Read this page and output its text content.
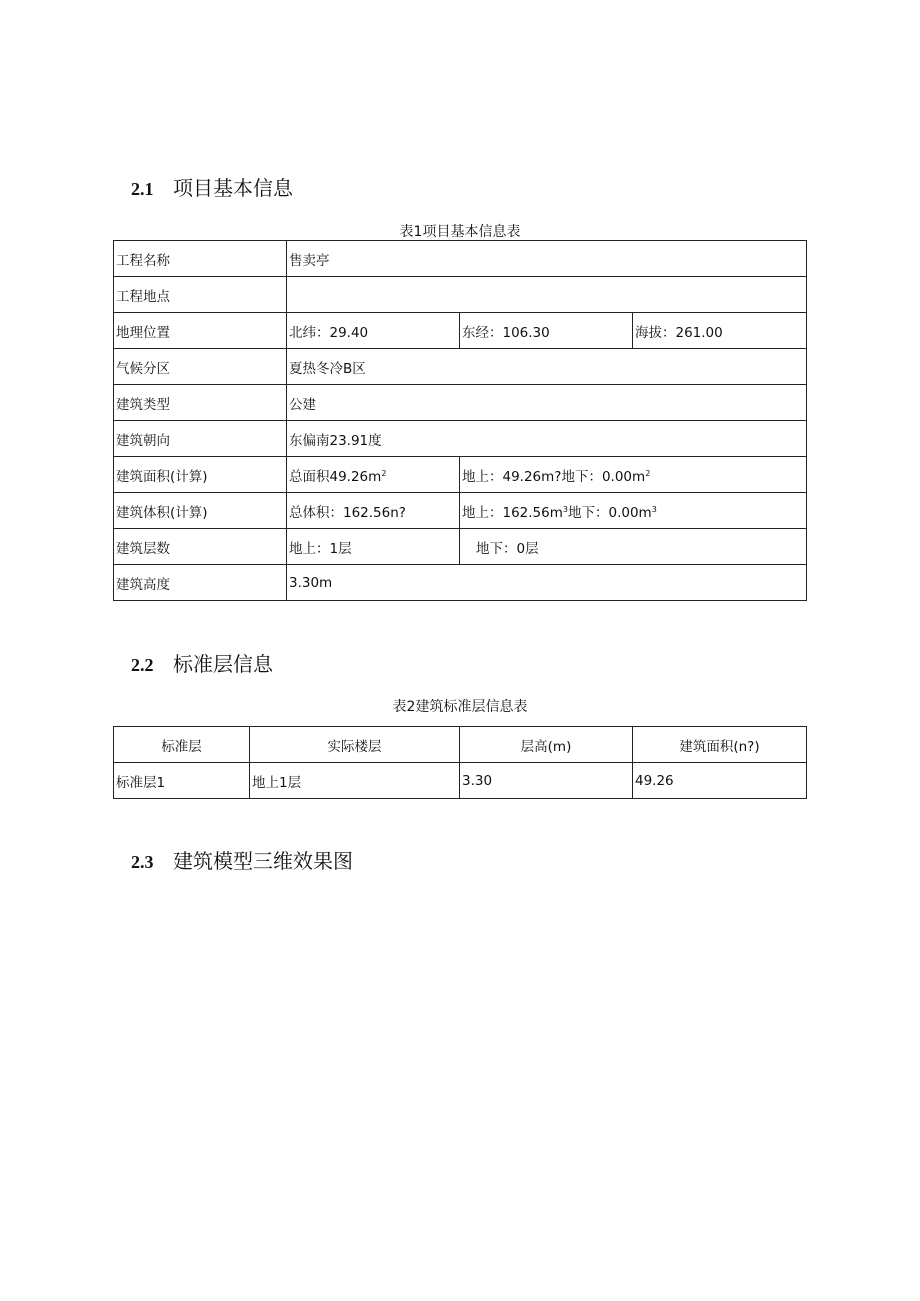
2.1 项目基本信息
表1项目基本信息表
工程名称	售卖亭		
工程地点			
地理位置	北纬：29.40	东经：106.30	海拔：261.00
气候分区	夏热冬冷B区		
建筑类型	公建		
建筑朝向	东偏南23.91度		
建筑面积(计算)	总面积$49.26m^2$	地上：49.26m?地下：$0.00m^2$
建筑体积(计算)	总体积：162.56n?	地上：$162.56m^3$地下：$0.00m^3$
建筑层数	地上：1层	地下：0层	
建筑高度	3.30m		
2.2 标准层信息
表2建筑标准层信息表
标准层	实际楼层	层高(m)	建筑面积(n?)
标准层1	地上1层	3.30	49.26
2.3 建筑模型三维效果图
